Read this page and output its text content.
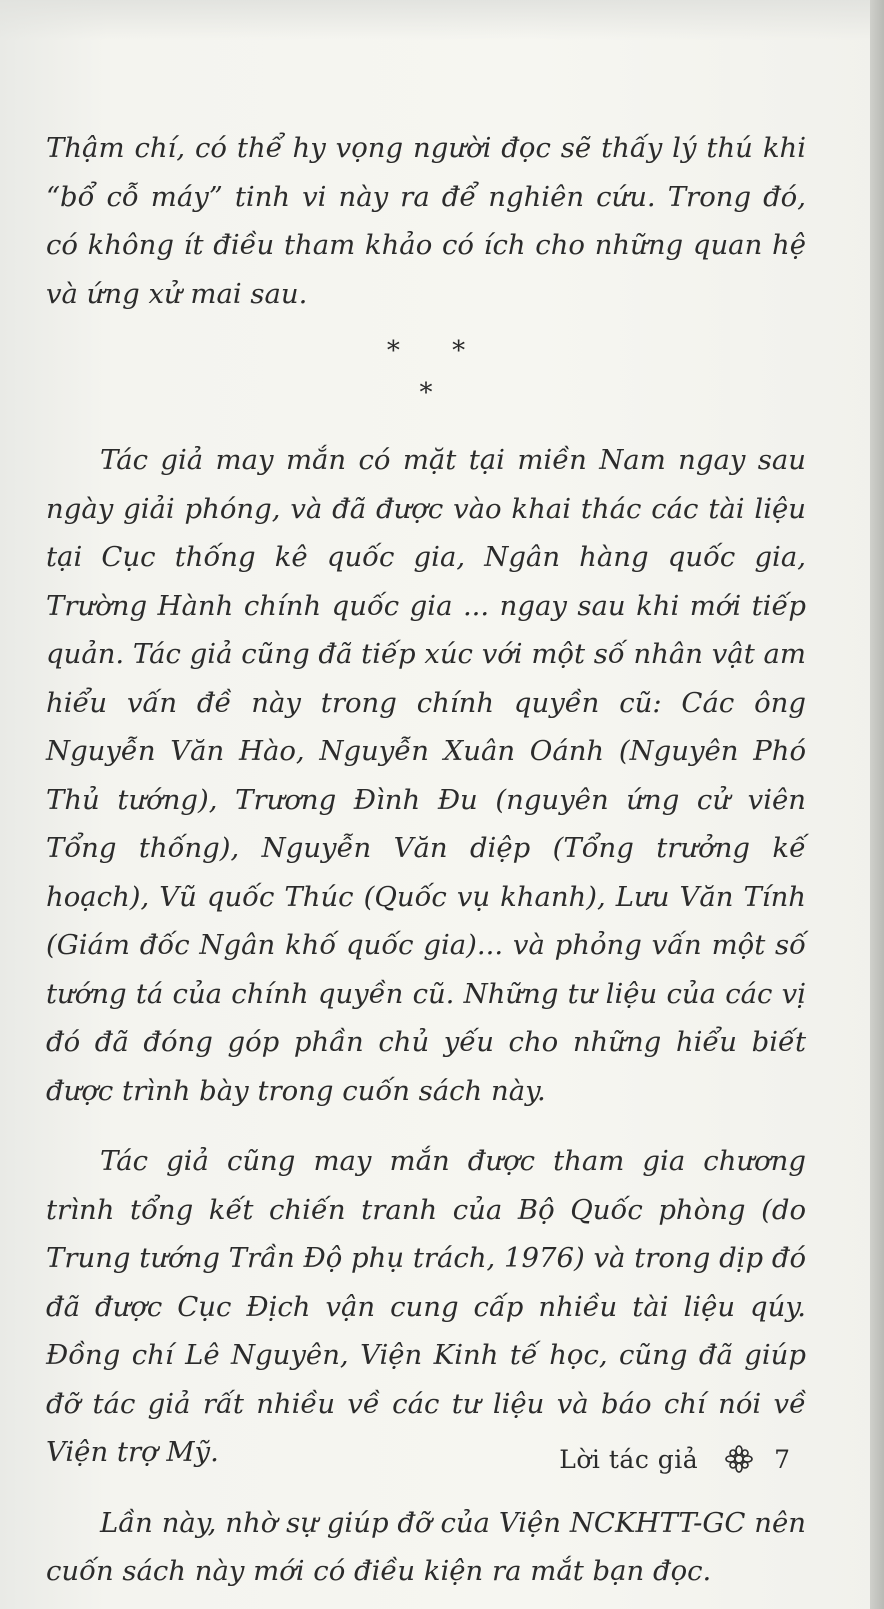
Thậm chí, có thể hy vọng người đọc sẽ thấy lý thú khi “bổ cỗ máy” tinh vi này ra để nghiên cứu. Trong đó, có không ít điều tham khảo có ích cho những quan hệ và ứng xử mai sau.

* *
*

Tác giả may mắn có mặt tại miền Nam ngay sau ngày giải phóng, và đã được vào khai thác các tài liệu tại Cục thống kê quốc gia, Ngân hàng quốc gia, Trường Hành chính quốc gia ... ngay sau khi mới tiếp quản. Tác giả cũng đã tiếp xúc với một số nhân vật am hiểu vấn đề này trong chính quyền cũ: Các ông Nguyễn Văn Hào, Nguyễn Xuân Oánh (Nguyên Phó Thủ tướng), Trương Đình Đu (nguyên ứng cử viên Tổng thống), Nguyễn Văn diệp (Tổng trưởng kế hoạch), Vũ quốc Thúc (Quốc vụ khanh), Lưu Văn Tính (Giám đốc Ngân khố quốc gia)... và phỏng vấn một số tướng tá của chính quyền cũ. Những tư liệu của các vị đó đã đóng góp phần chủ yếu cho những hiểu biết được trình bày trong cuốn sách này.

Tác giả cũng may mắn được tham gia chương trình tổng kết chiến tranh của Bộ Quốc phòng (do Trung tướng Trần Độ phụ trách, 1976) và trong dịp đó đã được Cục Địch vận cung cấp nhiều tài liệu qúy. Đồng chí Lê Nguyên, Viện Kinh tế học, cũng đã giúp đỡ tác giả rất nhiều về các tư liệu và báo chí nói về Viện trợ Mỹ.

Lần này, nhờ sự giúp đỡ của Viện NCKHTT-GC nên cuốn sách này mới có điều kiện ra mắt bạn đọc.

Lời tác giả	7
